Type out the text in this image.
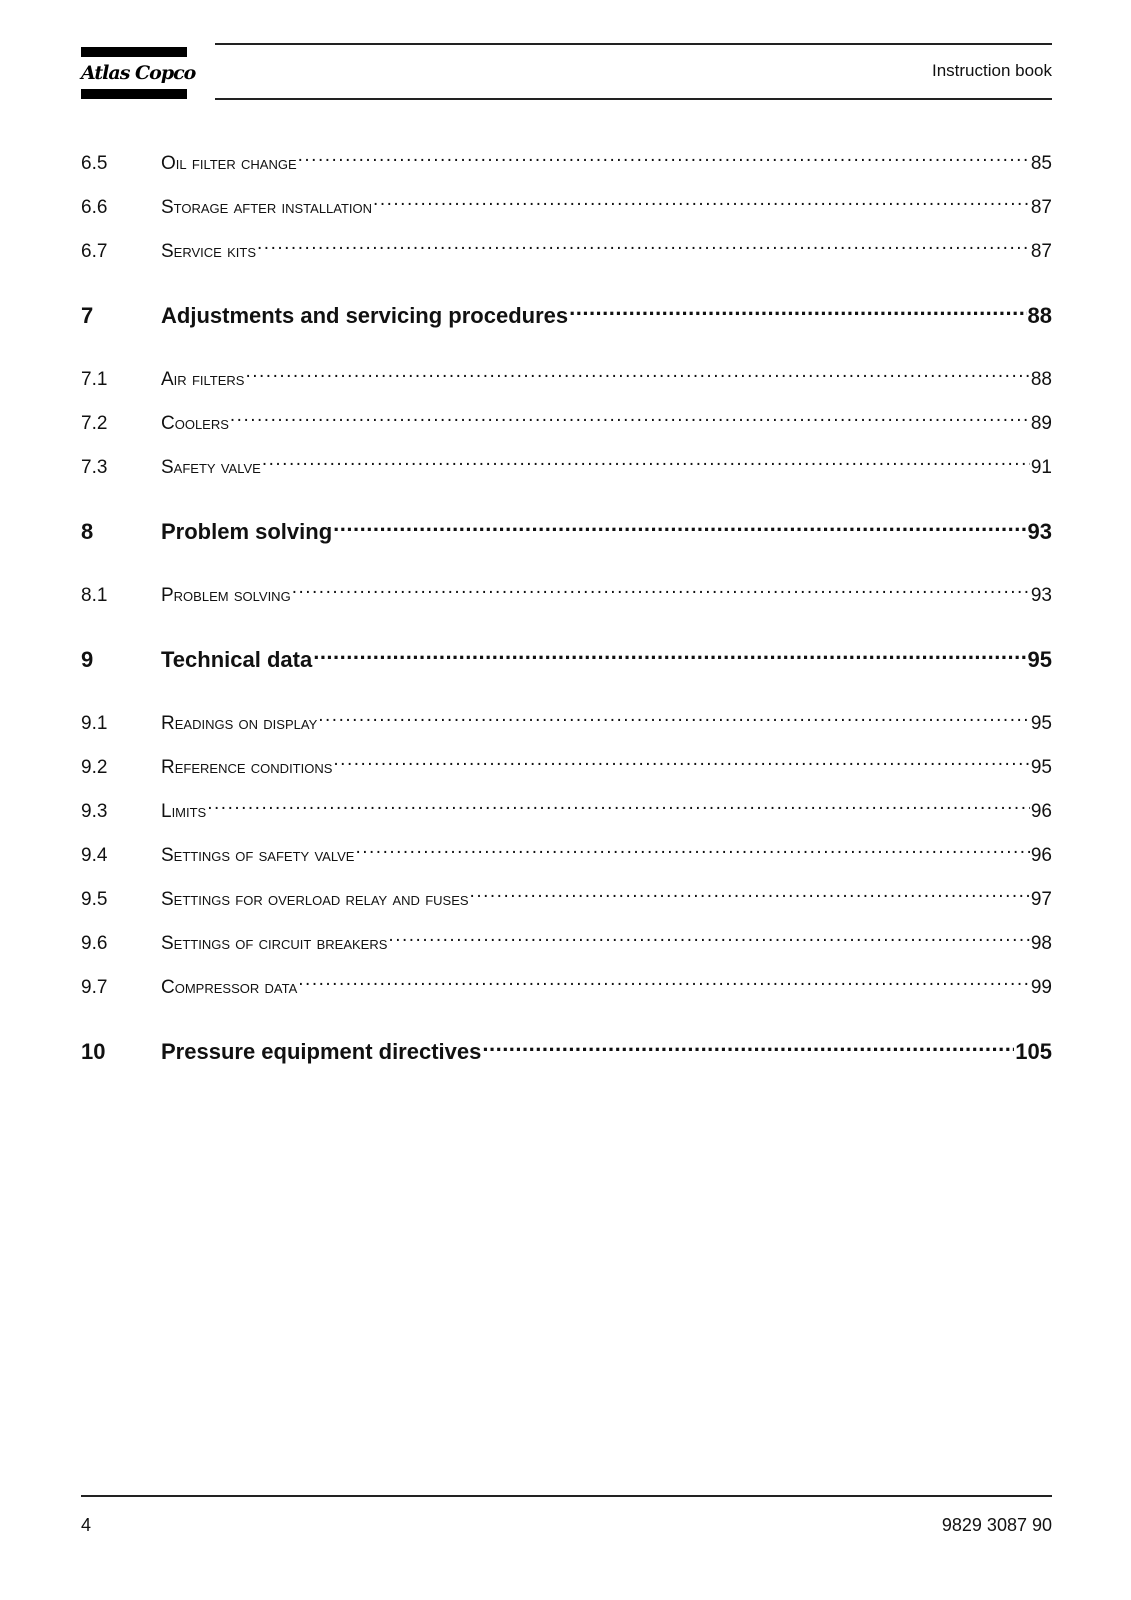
Atlas Copco	Instruction book
6.5	Oil filter change .....	85
6.6	Storage after installation .....	87
6.7	Service kits .....	87
7	Adjustments and servicing procedures .....	88
7.1	Air filters .....	88
7.2	Coolers .....	89
7.3	Safety valve .....	91
8	Problem solving .....	93
8.1	Problem solving .....	93
9	Technical data .....	95
9.1	Readings on display .....	95
9.2	Reference conditions .....	95
9.3	Limits .....	96
9.4	Settings of safety valve .....	96
9.5	Settings for overload relay and fuses .....	97
9.6	Settings of circuit breakers .....	98
9.7	Compressor data .....	99
10	Pressure equipment directives .....	105
4	9829 3087 90
